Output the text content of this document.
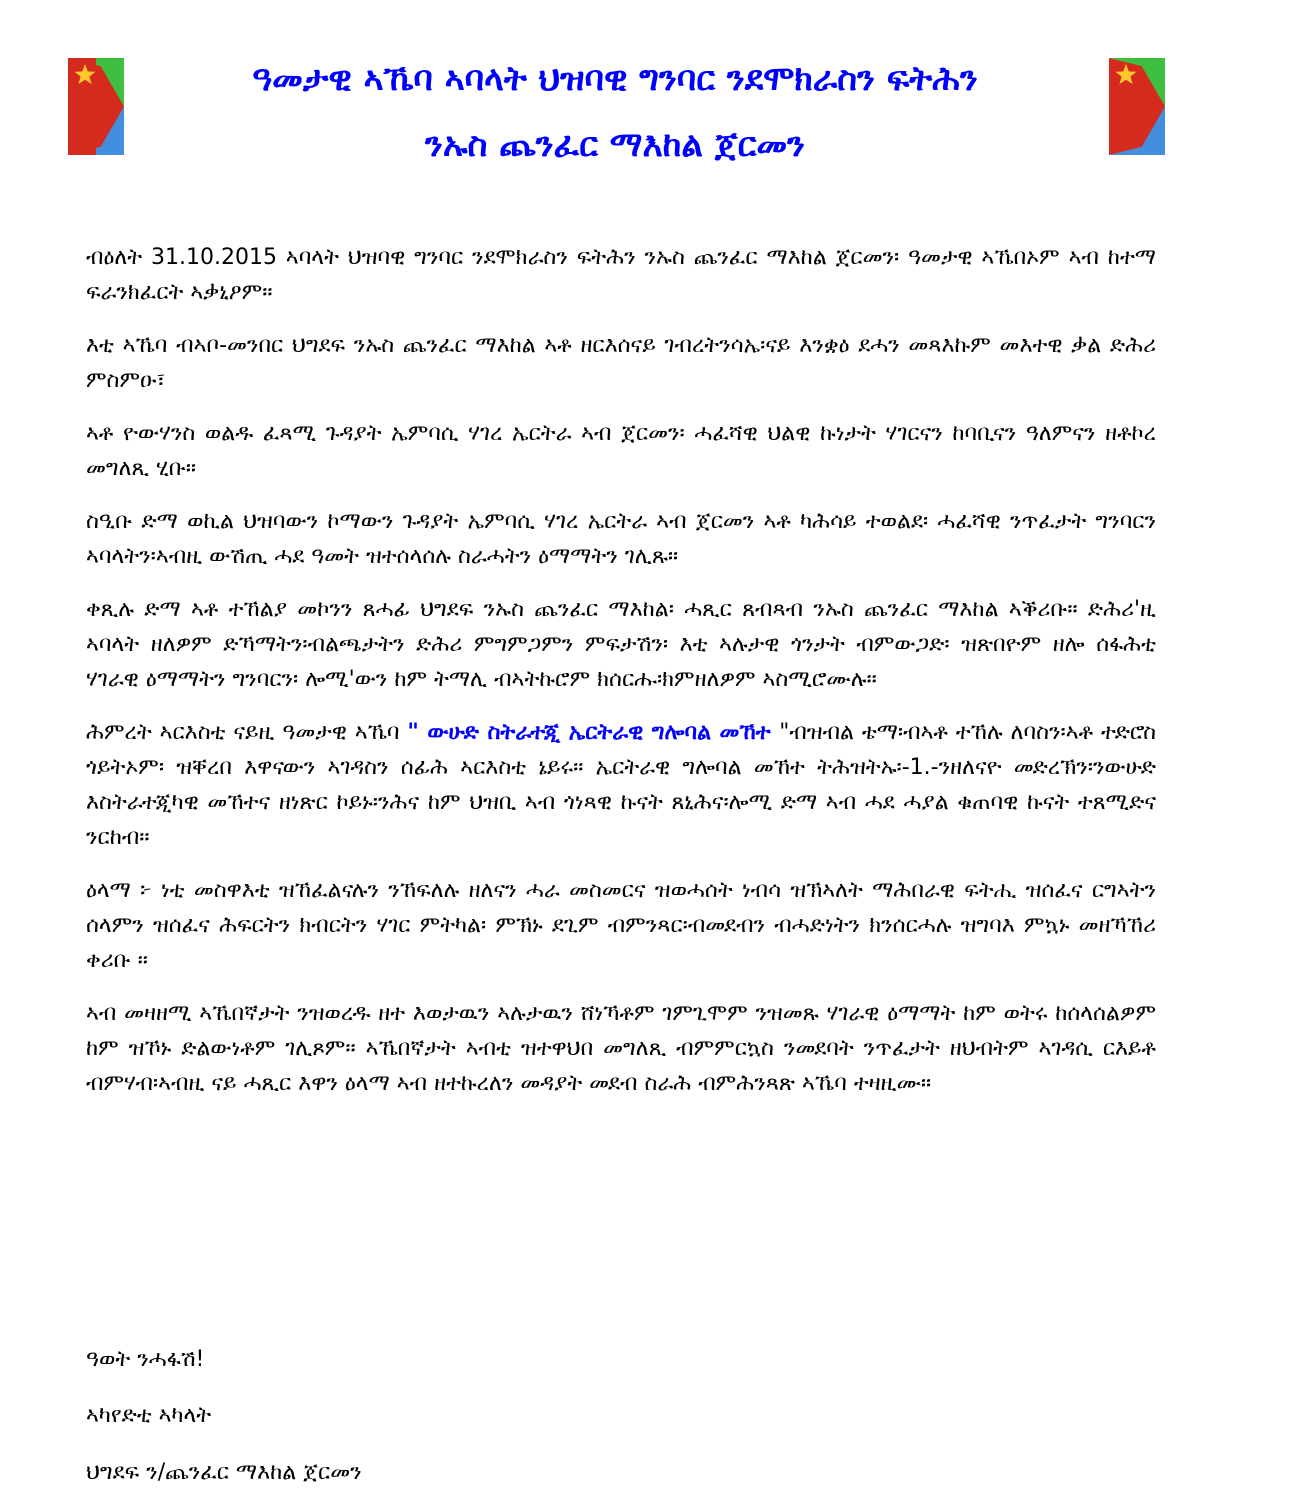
ዓመታዊ ኣኼባ ኣባላት ህዝባዊ ግንባር ንደሞክራስን ፍትሕን
ንኡስ ጨንፈር ማእከል ጀርመን

ብዕለት 31.10.2015 ኣባላት ህዝባዊ ግንባር ንደሞክራስን ፍትሕን ንኡስ ጨንፈር ማእከል ጀርመን፡ ዓመታዊ ኣኼበኦም ኣብ ከተማ ፍራንክፈርት ኣቃኒዖም።

እቲ ኣኼባ ብኣቦ-መንበር ህግደፍ ንኡስ ጨንፈር ማእከል ኣቶ ዘርእሰናይ ገብረትንሳኤ፡ናይ እንቋዕ ደሓን መጻእኩም መእተዊ ቃል ድሕሪ ምስምዑ፣

ኣቶ ዮውሃንስ ወልዱ ፈጻሚ ጉዳያት ኤምባሲ ሃገረ ኤርትራ ኣብ ጀርመን፡ ሓፈሻዊ ህልዊ ኩነታት ሃገርናን ከባቢናን ዓለምናን ዘቶኮረ መግለጺ ሂቡ።

ስዒቡ ድማ ወኪል ህዝባውን ኮማውን ጉዳያት ኤምባሲ ሃገረ ኤርትራ ኣብ ጀርመን ኣቶ ካሕሳይ ተወልደ፡ ሓፈሻዊ ንጥፈታት ግንባርን ኣባላትን፡ኣብዚ ውሽጢ ሓደ ዓመት ዝተሰላሰሉ ስራሓትን ዕማማትን ገሊጹ።

ቀጺሉ ድማ ኣቶ ተኸልያ መኮንን ጸሓፊ ህግደፍ ንኡስ ጨንፈር ማእከል፡ ሓጺር ጸብጻብ ንኡስ ጨንፈር ማእከል ኣቕሪቡ። ድሕሪ'ዚ ኣባላት ዘለዎም ድኻማትን፡ብልጫታትን ድሕሪ ምግምጋምን ምፍታሽን፡ እቲ ኣሉታዊ ጎንታት ብምውጋድ፡ ዝጽበዮም ዘሎ ሰፋሕቲ ሃገራዊ ዕማማትን ግንባርን፡ ሎሚ'ውን ከም ትማሊ ብኣትኩሮም ክሰርሑ፡ክምዘለዎም ኣስሚሮሙሉ።

ሕምረት ኣርእስቲ ናይዚ ዓመታዊ ኣኼባ " ውሁድ ስትራተጂ ኤርትራዊ ግሎባል መኸተ "ብዝብል ቴማ፡ብኣቶ ተኸሉ ለባስን፡ኣቶ ተድሮስ ጎይትኦም፡ ዝቐረበ እዋናውን ኣገዳስን ሰፊሕ ኣርእስቲ ኔይሩ። ኤርትራዊ ግሎባል መኸተ ትሕዝትኡ፡-1.-ንዘለናዮ መድረኽን፡ንውሁድ እስትራተጂካዊ መኸተና ዘነጽር ኮይኑ፡ንሕና ከም ህዝቢ ኣብ ጎነጻዊ ኩናት ጸኒሕና፡ሎሚ ድማ ኣብ ሓደ ሓያል ቁጠባዊ ኩናት ተጸሚድና ንርከብ።

ዕላማ ፦ ነቲ መስዋእቲ ዝኸፈልናሉን ንኸፍለሉ ዘለናን ሓራ መስመርና ዝወሓሰት ነብሳ ዝኽኣለት ማሕበራዊ ፍትሒ ዝሰፈና ርግኣትን ሰላምን ዝሰፈና ሕፍርትን ክብርትን ሃገር ምትካል፡ ምኽኑ ደጊም ብምንጻር፡ብመደብን ብሓድነትን ክንሰርሓሉ ዝግባእ ምኳኑ መዘኻኸሪ ቀሪቡ ።

ኣብ መዛዘሚ ኣኼበኛታት ንዝወረዱ ዘተ እወታዉን ኣሉታዉን ሸነኻቶም ገምጊሞም ንዝመጹ ሃገራዊ ዕማማት ከም ወትሩ ከሰላሰልዎም ከም ዝኾኑ ድልውነቶም ገሊጾም። ኣኼበኛታት ኣብቲ ዝተዋህበ መግለጺ ብምምርኳስ ንመደባት ንጥፈታት ዘህብትም ኣገዳሲ ርእይቶ ብምሃብ፡ኣብዚ ናይ ሓጺር እዋን ዕላማ ኣብ ዘተኩረለን መዳያት መደብ ስራሕ ብምሕንጻጽ ኣኼባ ተዛዚሙ።

ዓወት ንሓፋሽ!
ኣካየድቲ ኣካላት
ህግደፍ ን/ጨንፈር ማእከል ጀርመን
